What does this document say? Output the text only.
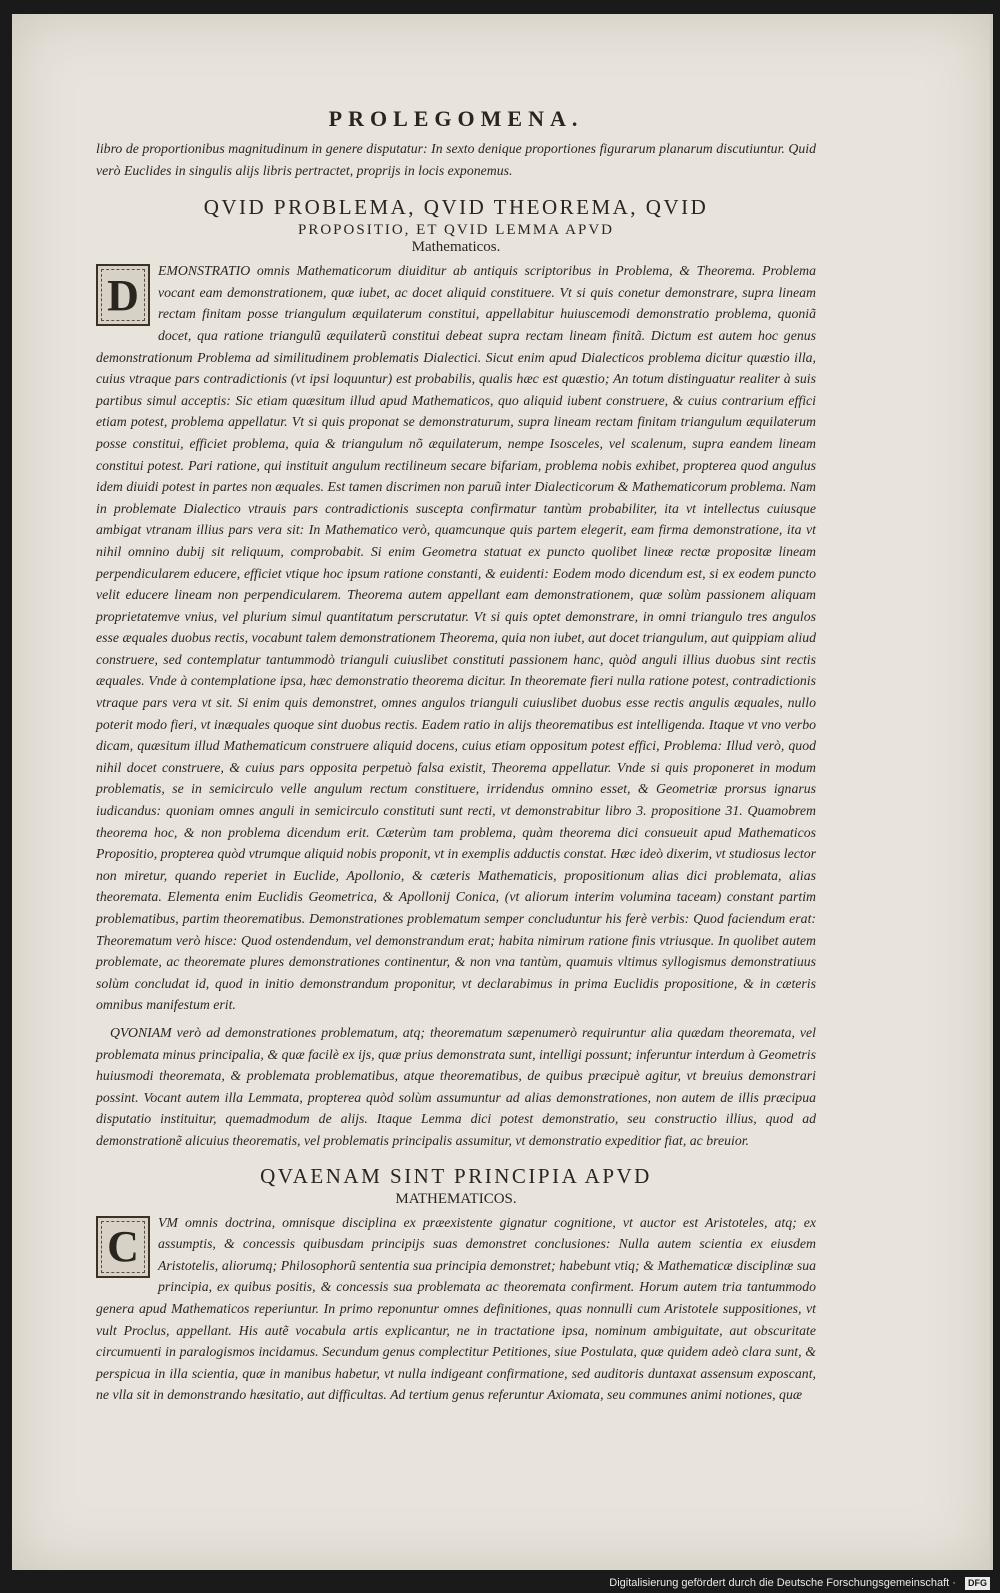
PROLEGOMENA.

libro de proportionibus magnitudinum in genere disputatur: In sexto denique proportiones figurarum planarum discutiuntur. Quid verò Euclides in singulis alijs libris pertractet, proprijs in locis exponemus.

QVID PROBLEMA, QVID THEOREMA, QVID
PROPOSITIO, ET QVID LEMMA APVD
Mathematicos.
D	EMONSTRATIO omnis Mathematicorum diuiditur ab antiquis scriptoribus in Problema, & Theorema. Problema vocant eam demonstrationem, quæ iubet, ac docet aliquid constituere. Vt si quis conetur demonstrare, supra lineam rectam finitam posse triangulum æquilaterum constitui, appellabitur huiuscemodi demonstratio problema, quoniã docet, qua ratione triangulũ æquilaterũ constitui debeat supra rectam lineam finitã. Dictum est autem hoc genus demonstrationum Problema ad similitudinem problematis Dialectici. Sicut enim apud Dialecticos problema dicitur quæstio illa, cuius vtraque pars contradictionis (vt ipsi loquuntur) est probabilis, qualis hæc est quæstio; An totum distinguatur realiter à suis partibus simul acceptis: Sic etiam quæsitum illud apud Mathematicos, quo aliquid iubent construere, & cuius contrarium effici etiam potest, problema appellatur. Vt si quis proponat se demonstraturum, supra lineam rectam finitam triangulum æquilaterum posse constitui, efficiet problema, quia & triangulum nõ æquilaterum, nempe Isosceles, vel scalenum, supra eandem lineam constitui potest. Pari ratione, qui instituit angulum rectilineum secare bifariam, problema nobis exhibet, propterea quod angulus idem diuidi potest in partes non æquales. Est tamen discrimen non paruũ inter Dialecticorum & Mathematicorum problema. Nam in problemate Dialectico vtrauis pars contradictionis suscepta confirmatur tantùm probabiliter, ita vt intellectus cuiusque ambigat vtranam illius pars vera sit: In Mathematico verò, quamcunque quis partem elegerit, eam firma demonstratione, ita vt nihil omnino dubij sit reliquum, comprobabit. Si enim Geometra statuat ex puncto quolibet lineæ rectæ propositæ lineam perpendicularem educere, efficiet vtique hoc ipsum ratione constanti, & euidenti: Eodem modo dicendum est, si ex eodem puncto velit educere lineam non perpendicularem. Theorema autem appellant eam demonstrationem, quæ solùm passionem aliquam proprietatemve vnius, vel plurium simul quantitatum perscrutatur. Vt si quis optet demonstrare, in omni triangulo tres angulos esse æquales duobus rectis, vocabunt talem demonstrationem Theorema, quia non iubet, aut docet triangulum, aut quippiam aliud construere, sed contemplatur tantummodò trianguli cuiuslibet constituti passionem hanc, quòd anguli illius duobus sint rectis æquales. Vnde à contemplatione ipsa, hæc demonstratio theorema dicitur. In theoremate fieri nulla ratione potest, contradictionis vtraque pars vera vt sit. Si enim quis demonstret, omnes angulos trianguli cuiuslibet duobus esse rectis angulis æquales, nullo poterit modo fieri, vt inæquales quoque sint duobus rectis. Eadem ratio in alijs theorematibus est intelligenda. Itaque vt vno verbo dicam, quæsitum illud Mathematicum construere aliquid docens, cuius etiam oppositum potest effici, Problema: Illud verò, quod nihil docet construere, & cuius pars opposita perpetuò falsa existit, Theorema appellatur. Vnde si quis proponeret in modum problematis, se in semicirculo velle angulum rectum constituere, irridendus omnino esset, & Geometriæ prorsus ignarus iudicandus: quoniam omnes anguli in semicirculo constituti sunt recti, vt demonstrabitur libro 3. propositione 31. Quamobrem theorema hoc, & non problema dicendum erit. Cæterùm tam problema, quàm theorema dici consueuit apud Mathematicos Propositio, propterea quòd vtrumque aliquid nobis proponit, vt in exemplis adductis constat. Hæc ideò dixerim, vt studiosus lector non miretur, quando reperiet in Euclide, Apollonio, & cæteris Mathematicis, propositionum alias dici problemata, alias theoremata. Elementa enim Euclidis Geometrica, & Apollonij Conica, (vt aliorum interim volumina taceam) constant partim problematibus, partim theorematibus. Demonstrationes problematum semper concluduntur his ferè verbis: Quod faciendum erat: Theorematum verò hisce: Quod ostendendum, vel demonstrandum erat; habita nimirum ratione finis vtriusque. In quolibet autem problemate, ac theoremate plures demonstrationes continentur, & non vna tantùm, quamuis vltimus syllogismus demonstratiuus solùm concludat id, quod in initio demonstrandum proponitur, vt declarabimus in prima Euclidis propositione, & in cæteris omnibus manifestum erit.

QVONIAM verò ad demonstrationes problematum, atq; theorematum sæpenumerò requiruntur alia quædam theoremata, vel problemata minus principalia, & quæ facilè ex ijs, quæ prius demonstrata sunt, intelligi possunt; inferuntur interdum à Geometris huiusmodi theoremata, & problemata problematibus, atque theorematibus, de quibus præcipuè agitur, vt breuius demonstrari possint. Vocant autem illa Lemmata, propterea quòd solùm assumuntur ad alias demonstrationes, non autem de illis præcipua disputatio instituitur, quemadmodum de alijs. Itaque Lemma dici potest demonstratio, seu constructio illius, quod ad demonstrationẽ alicuius theorematis, vel problematis principalis assumitur, vt demonstratio expeditior fiat, ac breuior.

QVAENAM SINT PRINCIPIA APVD
MATHEMATICOS.
C	VM omnis doctrina, omnisque disciplina ex præexistente gignatur cognitione, vt auctor est Aristoteles, atq; ex assumptis, & concessis quibusdam principijs suas demonstret conclusiones: Nulla autem scientia ex eiusdem Aristotelis, aliorumq; Philosophorũ sententia sua principia demonstret; habebunt vtiq; & Mathematicæ disciplinæ sua principia, ex quibus positis, & concessis sua problemata ac theoremata confirment. Horum autem tria tantummodo genera apud Mathematicos reperiuntur. In primo reponuntur omnes definitiones, quas nonnulli cum Aristotele suppositiones, vt vult Proclus, appellant. His autẽ vocabula artis explicantur, ne in tractatione ipsa, nominum ambiguitate, aut obscuritate circumuenti in paralogismos incidamus. Secundum genus complectitur Petitiones, siue Postulata, quæ quidem adeò clara sunt, & perspicua in illa scientia, quæ in manibus habetur, vt nulla indigeant confirmatione, sed auditoris duntaxat assensum exposcant, ne vlla sit in demonstrando hæsitatio, aut difficultas. Ad tertium genus referuntur Axiomata, seu communes animi notiones, quæ

Digitalisierung gefördert durch die Deutsche Forschungsgemeinschaft · DFG
